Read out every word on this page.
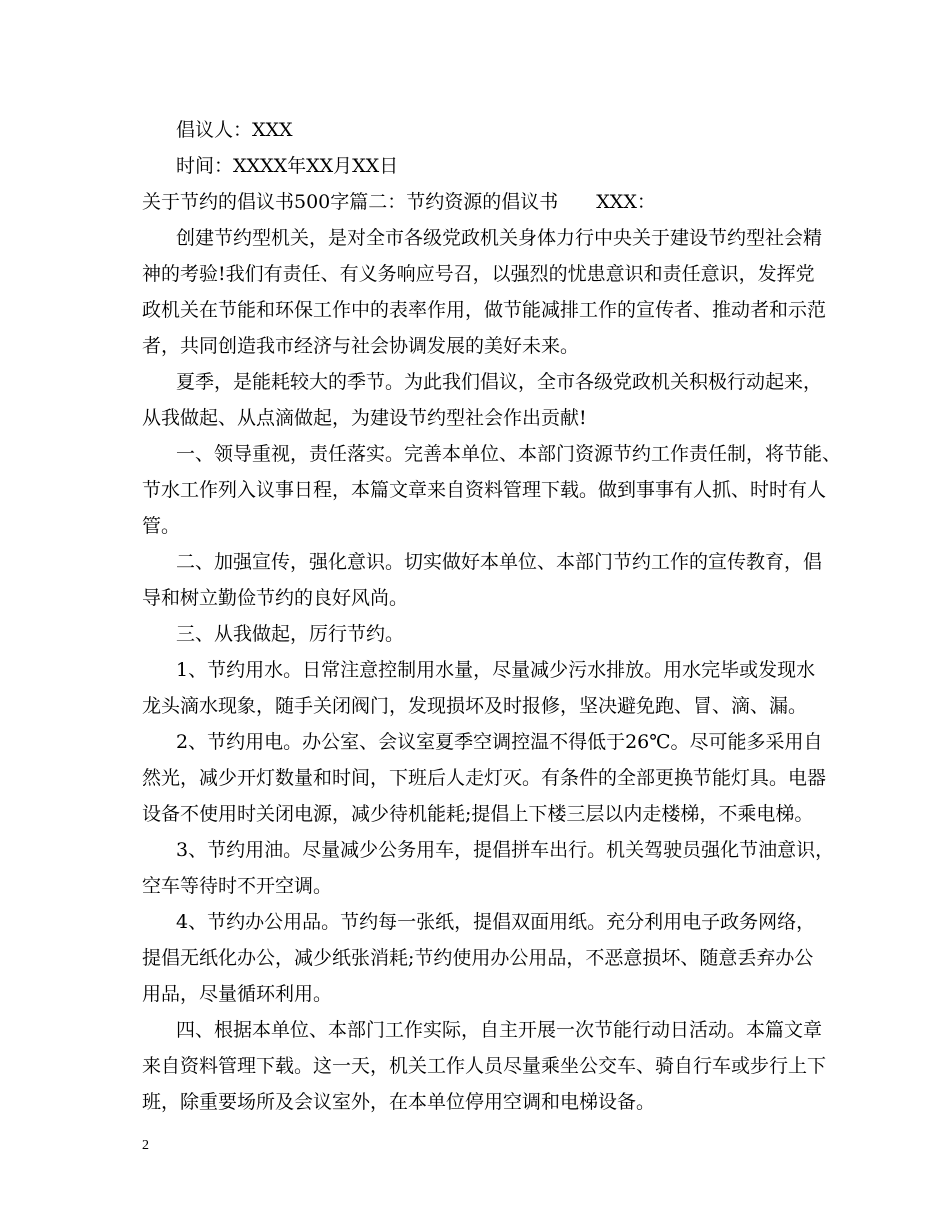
倡议人：XXX
时间：XXXX年XX月XX日
关于节约的倡议书500字篇二：节约资源的倡议书　　XXX：
创建节约型机关，是对全市各级党政机关身体力行中央关于建设节约型社会精
神的考验!我们有责任、有义务响应号召，以强烈的忧患意识和责任意识，发挥党
政机关在节能和环保工作中的表率作用，做节能减排工作的宣传者、推动者和示范
者，共同创造我市经济与社会协调发展的美好未来。
夏季，是能耗较大的季节。为此我们倡议，全市各级党政机关积极行动起来，
从我做起、从点滴做起，为建设节约型社会作出贡献!
一、领导重视，责任落实。完善本单位、本部门资源节约工作责任制，将节能、
节水工作列入议事日程，本篇文章来自资料管理下载。做到事事有人抓、时时有人
管。
二、加强宣传，强化意识。切实做好本单位、本部门节约工作的宣传教育，倡
导和树立勤俭节约的良好风尚。
三、从我做起，厉行节约。
1、节约用水。日常注意控制用水量，尽量减少污水排放。用水完毕或发现水
龙头滴水现象，随手关闭阀门，发现损坏及时报修，坚决避免跑、冒、滴、漏。
2、节约用电。办公室、会议室夏季空调控温不得低于26℃。尽可能多采用自
然光，减少开灯数量和时间，下班后人走灯灭。有条件的全部更换节能灯具。电器
设备不使用时关闭电源，减少待机能耗;提倡上下楼三层以内走楼梯，不乘电梯。
3、节约用油。尽量减少公务用车，提倡拼车出行。机关驾驶员强化节油意识，
空车等待时不开空调。
4、节约办公用品。节约每一张纸，提倡双面用纸。充分利用电子政务网络，
提倡无纸化办公，减少纸张消耗;节约使用办公用品，不恶意损坏、随意丢弃办公
用品，尽量循环利用。
四、根据本单位、本部门工作实际，自主开展一次节能行动日活动。本篇文章
来自资料管理下载。这一天，机关工作人员尽量乘坐公交车、骑自行车或步行上下
班，除重要场所及会议室外，在本单位停用空调和电梯设备。
2
